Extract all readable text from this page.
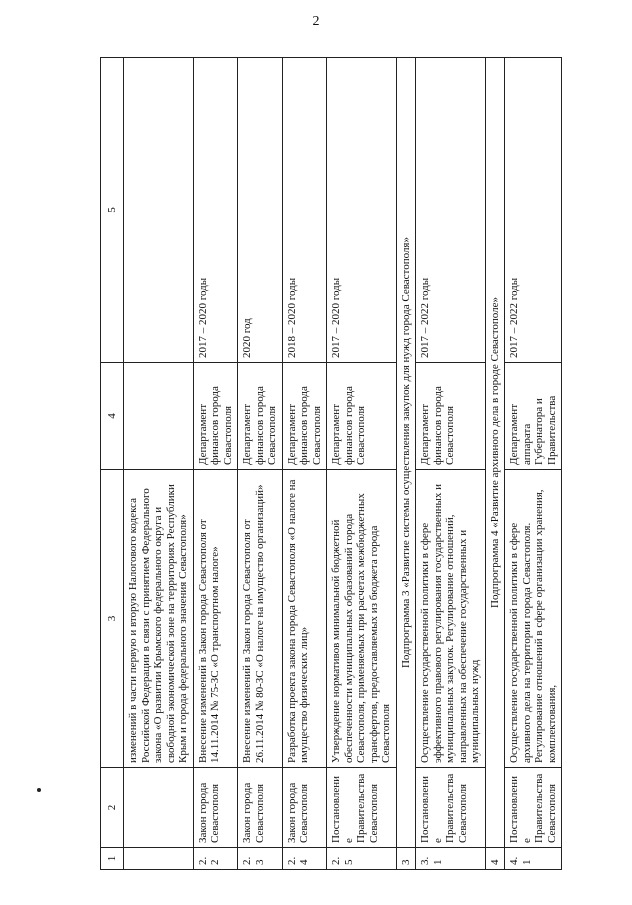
2
1	2	3	4	5
		изменений в части первую и вторую Налогового кодекса Российской Федерации в связи с принятием Федерального закона «О развитии Крымского федерального округа и свободной экономической зоне на территориях Республики Крым и города федерального значения Севастополя»		
2.2	Закон города Севастополя	Внесение изменений в Закон города Севастополя от 14.11.2014 № 75-ЗС «О транспортном налоге»	Департамент финансов города Севастополя	2017 – 2020 годы
2.3	Закон города Севастополя	Внесение изменений в Закон города Севастополя от 26.11.2014 № 80-ЗС «О налоге на имущество организаций»	Департамент финансов города Севастополя	2020 год
2.4	Закон города Севастополя	Разработка проекта закона города Севастополя «О налоге на имущество физических лиц»	Департамент финансов города Севастополя	2018 – 2020 годы
2.5	Постановление Правительства Севастополя	Утверждение нормативов минимальной бюджетной обеспеченности муниципальных образований города Севастополя, применяемых при расчетах межбюджетных трансфертов, предоставляемых из бюджета города Севастополя	Департамент финансов города Севастополя	2017 – 2020 годы
3	Подпрограмма 3 «Развитие системы осуществления закупок для нужд города Севастополя»			
3.1	Постановление Правительства Севастополя	Осуществление государственной политики в сфере эффективного правового регулирования государственных и муниципальных закупок. Регулирование отношений, направленных на обеспечение государственных и муниципальных нужд	Департамент финансов города Севастополя	2017 – 2022 годы
4	Подпрограмма 4 «Развитие архивного дела в городе Севастополе»			
4.1	Постановление Правительства Севастополя	Осуществление государственной политики в сфере архивного дела на территории города Севастополя. Регулирование отношений в сфере организации хранения, комплектования,	Департамент аппарата Губернатора и Правительства	2017 – 2022 годы
